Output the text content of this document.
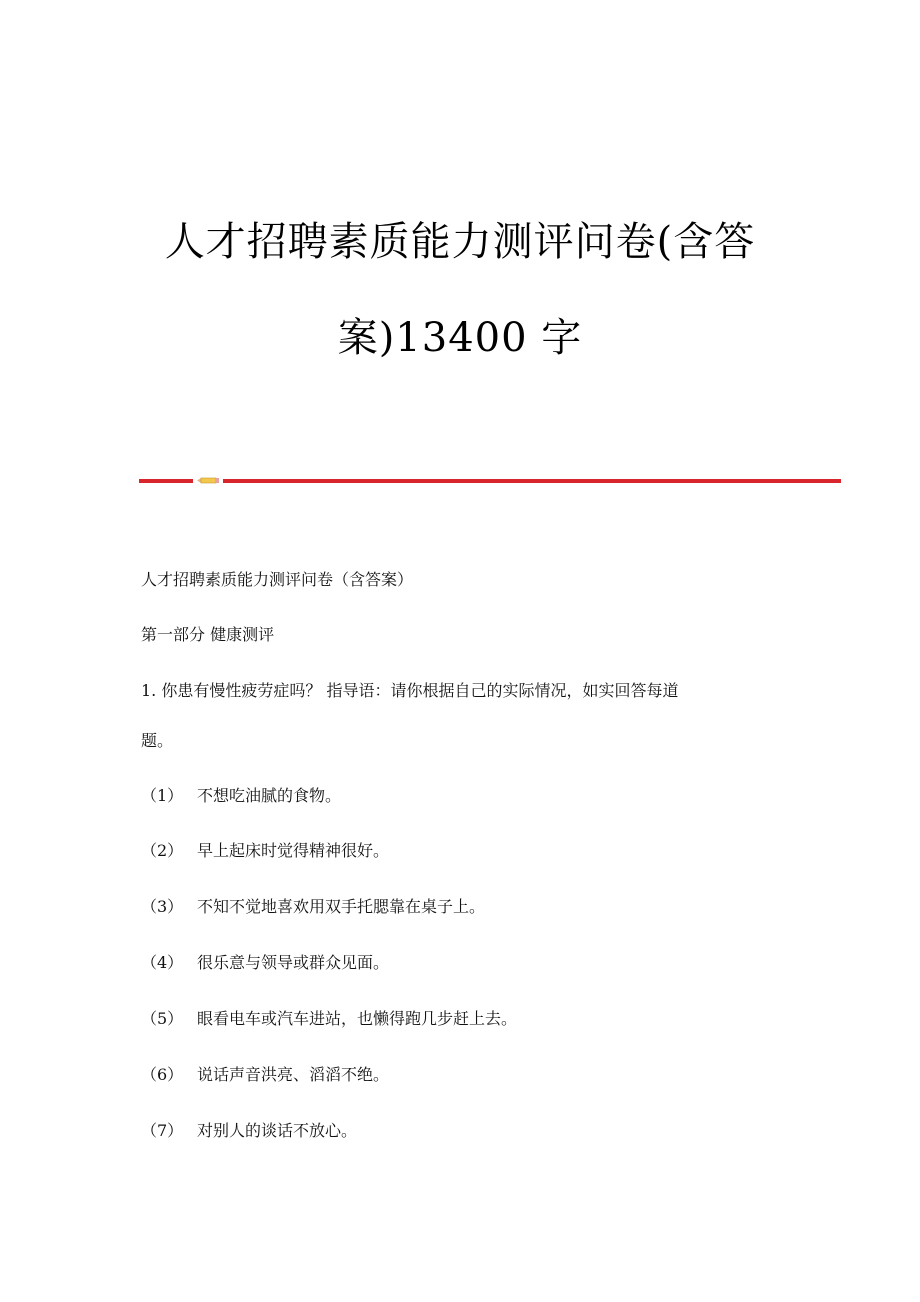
人才招聘素质能力测评问卷(含答
案)13400 字
人才招聘素质能力测评问卷（含答案）
第一部分 健康测评
1. 你患有慢性疲劳症吗？ 指导语：请你根据自己的实际情况，如实回答每道
题。
（1） 不想吃油腻的食物。
（2） 早上起床时觉得精神很好。
（3） 不知不觉地喜欢用双手托腮靠在桌子上。
（4） 很乐意与领导或群众见面。
（5） 眼看电车或汽车进站，也懒得跑几步赶上去。
（6） 说话声音洪亮、滔滔不绝。
（7） 对别人的谈话不放心。
